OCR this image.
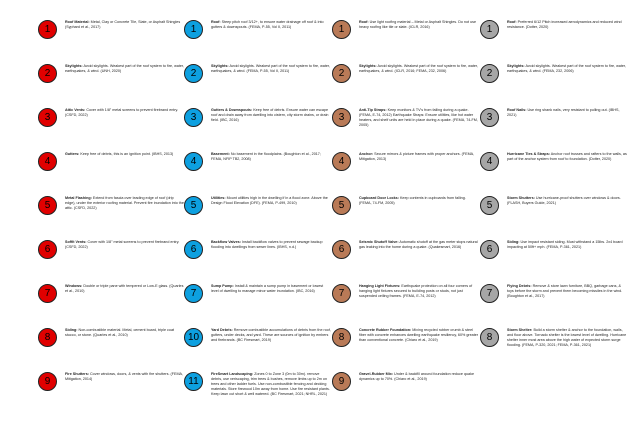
1
Roof Material: Metal, Clay or Concrete Tile, Slate, or Asphalt Shingles (Syphard et al., 2017)
2
Skylights: Avoid skylights. Weakest part of the roof system to fire, water, earthquakes, & wind. (UNH, 2020)
3
Attic Vents: Cover with 1/8" metal screens to prevent firebrand entry. (CSFD, 2022)
4
Gutters: Keep free of debris, this is an ignition point. (IBHS, 2013)
5
Metal Flashing: Extend from fascia over leading edge of roof (drip edge), under the exterior roofing material. Prevent fire inundation into the attic. (CSFD, 2022)
6
Soffit Vents: Cover with 1/8" metal screens to prevent firebrand entry. (CSFD, 2022)
7
Windows: Double or triple pane with tempered or Low-E glass. (Quarles et al., 2010)
8
Siding: Non-combustible material. Metal, cement board, triple coat stucco, or stone. (Quarles et al., 2010)
9
Fire Shutters: Cover windows, doors, & vents with fire shutters. (FEMA, Mitigation, 2014)
1
Roof: Steep pitch roof 3/12+, to ensure water drainage off roof & into gutters & downspouts. (FEMA, P-55, Vol II, 2011)
2
Skylights: Avoid skylights. Weakest part of the roof system to fire, water, earthquakes, & wind. (FEMA, P-55, Vol II, 2011)
3
Gutters & Downspouts: Keep free of debris. Ensure water can escape roof and drain away from dwelling into cistern, city storm drains, or drain field. (IBC, 2016)
4
Basement: No basement in the floodplains. (Boughton et al., 2017; FEMA, NFIP TB2, 2008)
5
Utilities: Mount utilities high in the dwelling if in a flood zone. Above the Design Flood Elevation (DFE). (FEMA, P-499, 2010)
6
Backflow Valves: Install backflow valves to prevent sewage backup flooding into dwellings from sewer lines. (IBHS, n.d.)
7
Sump Pump: Install & maintain a sump pump in basement or lowest level of dwelling to manage minor water inundation. (IBC, 2016)
10
Yard Debris: Remove combustible accumulations of debris from the roof, gutters, under decks, and yard. These are sources of ignition by embers and firebrands. (BC Firesmart, 2019)
11
FireSmart Landscaping: Zones 0 to Zone 3 (0m to 30m). remove debris, use xeriscaping, trim trees & bushes, remove limbs up to 2m on trees and other ladder fuels. Use non-combustible fencing and decking materials. Store firewood 10m away from home. Use fire resistant plants. Keep lawn cut short & well watered. (BC Firesmart, 2021; NHRL, 2021)
1
Roof: Use light roofing material – Metal or Asphalt Shingles. Do not use heavy roofing like tile or slate. (ICLR, 2016)
2
Skylights: Avoid skylights. Weakest part of the roof system to fire, water, earthquakes, & wind. (ICLR, 2016; FEMA, 232, 2006)
3
Anti-Tip Straps: Keep monitors & TV's from falling during a quake. (FEMA, E-74, 2012) Earthquake Straps: Ensure utilities, like hot water heaters, and shelf units are held in place during a quake. (FEMA, 74-FM, 2005)
4
Anchor: Secure mirrors & picture frames with proper anchors. (FEMA, Mitigation, 2013)
5
Cupboard Door Locks: Keep contents in cupboards from falling. (FEMA, 74-FM, 2005)
6
Seismic Shutoff Valve: Automatic shutoff at the gas meter stops natural gas leaking into the home during a quake. (Quakesmart, 2016)
7
Hanging Light Fixtures: Earthquake protection on all four corners of hanging light fixtures secured to building posts or studs, not just suspended ceiling frames. (FEMA, E-74, 2012)
8
Concrete Rubber Foundation: Mixing recycled rubber crumb & steel fiber with concrete enhances dwelling earthquake resiliency, 60% greater than conventional concrete. (Chiaro et al., 2019)
9
Gravel-Rubber Mix: Under & backfill around foundation reduce quake dynamics up to 70%. (Chiaro et al., 2019)
1
Roof: Preferred 6/12 Pitch increased aerodynamics and reduced wind resistance. (Dotter, 2020)
2
Skylights: Avoid skylights. Weakest part of the roof system to fire, water, earthquakes, & wind. (FEMA, 232, 2006)
3
Roof Nails: Use ring shank nails, very resistant to pulling out. (IBHS, 2021)
4
Hurricane Ties & Straps: Anchor roof trusses and rafters to the walls, as part of the anchor system from roof to foundation. (Dotter, 2020)
5
Storm Shutters: Use hurricane-proof shutters over windows & doors. (FLASH, Buyers Guide, 2021)
6
Siding: Use impact resistant siding. Must withstand a 15lbs. 2x4 board impacting at 50ft+ mph. (FEMA, P-361, 2021)
7
Flying Debris: Remove & store lawn furniture, BBQ, garbage cans, & toys before the storm and prevent them becoming missiles in the wind. (Boughton et al., 2017)
8
Storm Shelter: Build a storm shelter & anchor to the foundation, walls, and floor above. Tornado shelter is the lowest level of dwelling. Hurricane shelter inner most area above the high water of expected storm surge flooding. (FEMA, P-320, 2021; FEMA, P-361, 2021)
